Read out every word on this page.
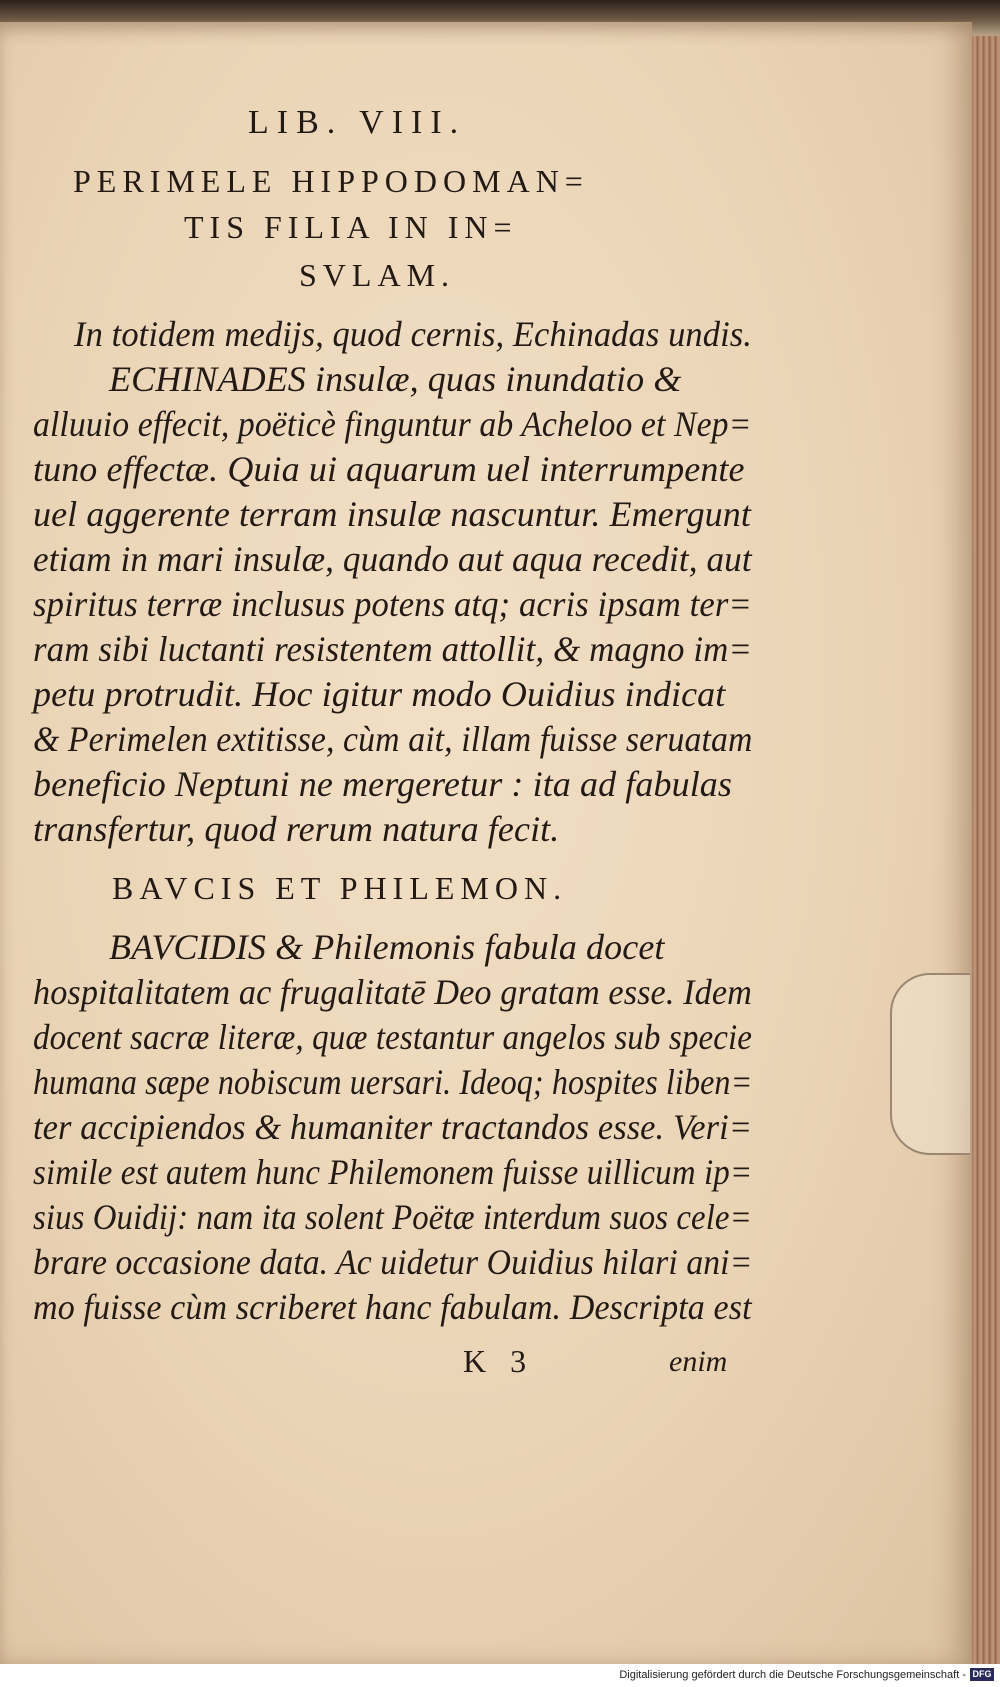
LIB. VIII.
PERIMELE HIPPODOMAN=
TIS FILIA IN IN=
SVLAM.
In totidem medijs, quod cernis, Echinadas undis.
ECHINADES insulæ, quas inundatio &
alluuio effecit, poëticè finguntur ab Acheloo et Nep=
tuno effectæ. Quia ui aquarum uel interrumpente
uel aggerente terram insulæ nascuntur. Emergunt
etiam in mari insulæ, quando aut aqua recedit, aut
spiritus terræ inclusus potens atq; acris ipsam ter=
ram sibi luctanti resistentem attollit, & magno im=
petu protrudit. Hoc igitur modo Ouidius indicat
& Perimelen extitisse, cùm ait, illam fuisse seruatam
beneficio Neptuni ne mergeretur : ita ad fabulas
transfertur, quod rerum natura fecit.
BAVCIS ET PHILEMON.
BAVCIDIS & Philemonis fabula docet
hospitalitatem ac frugalitatē Deo gratam esse. Idem
docent sacræ literæ, quæ testantur angelos sub specie
humana sæpe nobiscum uersari. Ideoq; hospites liben=
ter accipiendos & humaniter tractandos esse. Veri=
simile est autem hunc Philemonem fuisse uillicum ip=
sius Ouidij: nam ita solent Poëtæ interdum suos cele=
brare occasione data. Ac uidetur Ouidius hilari ani=
mo fuisse cùm scriberet hanc fabulam. Descripta est
K 3	enim
Digitalisierung gefördert durch die Deutsche Forschungsgemeinschaft - DFG
